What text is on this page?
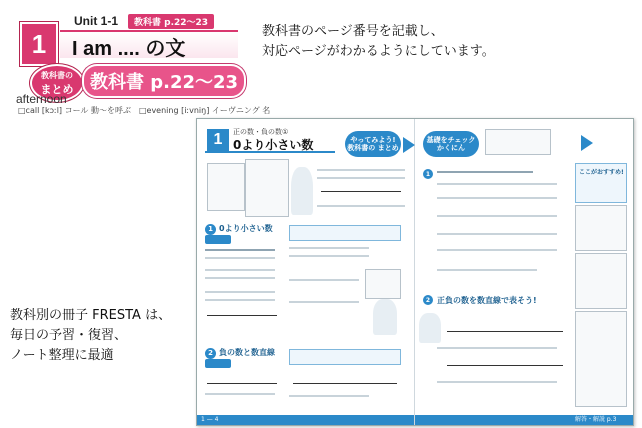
1
Unit 1-1	教科書 p.22〜23
I am .... の文
教科書の
まとめ 教科書 p.22〜23
afternoon
□call [kɔːl] コール 動～を呼ぶ　□evening [iːvniŋ] イーヴニング 名
教科書のページ番号を記載し、
対応ページがわかるようにしています。
教科別の冊子 FRESTA は、
毎日の予習・復習、
ノート整理に最適
1	正の数・負の数①
0より小さい数	やってみよう!
教科書の まとめ
基礎をチェック
かくにん
1 0より小さい数
2 負の数と数直線
1
2 正負の数を数直線で表そう!
ここがおすすめ!
1 — 4	解答・解説 p.3
